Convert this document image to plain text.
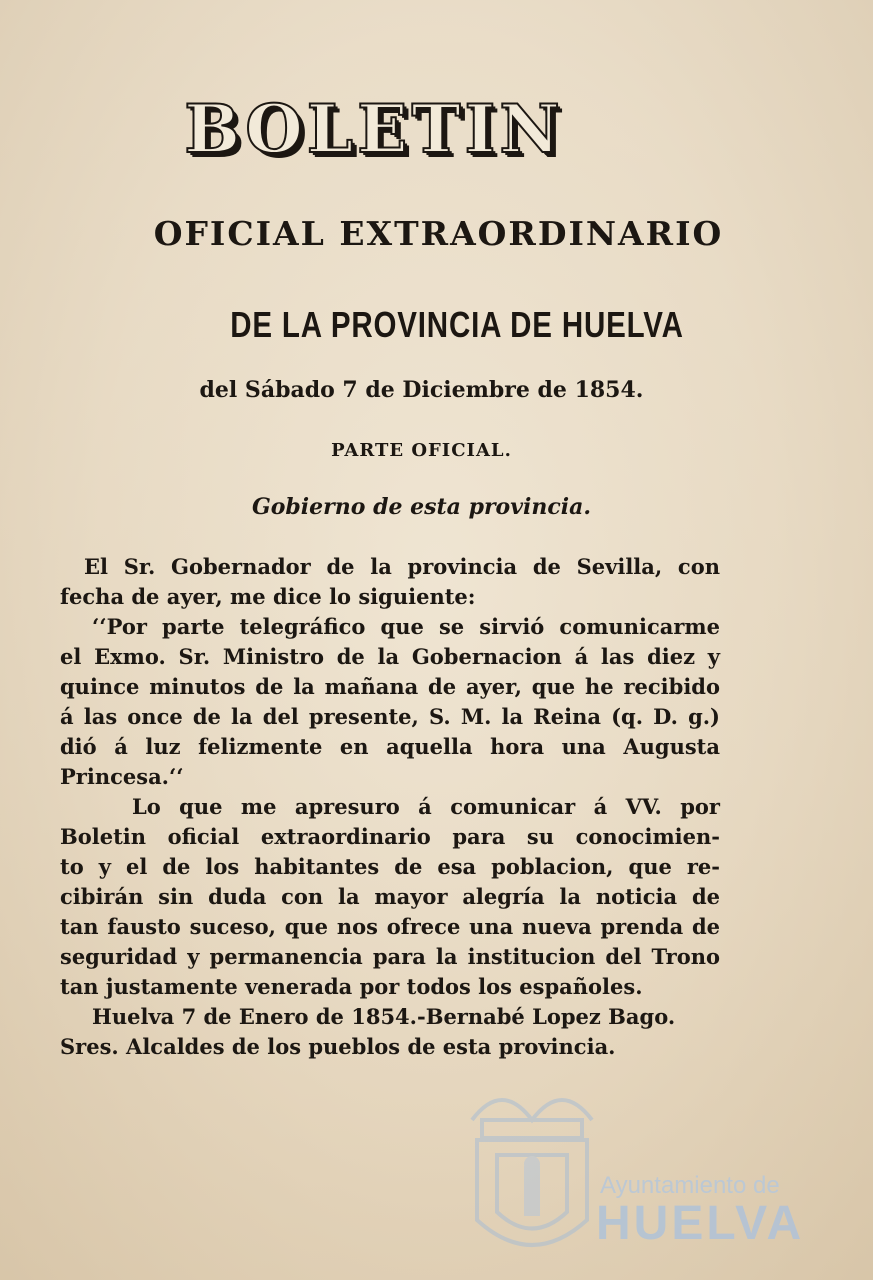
BOLETIN
OFICIAL EXTRAORDINARIO
DE LA PROVINCIA DE HUELVA
del Sábado 7 de Diciembre de 1854.
PARTE OFICIAL.
Gobierno de esta provincia.
El Sr. Gobernador de la provincia de Sevilla, con
fecha de ayer, me dice lo siguiente:
‘‘Por parte telegráfico que se sirvió comunicarme
el Exmo. Sr. Ministro de la Gobernacion á las diez y
quince minutos de la mañana de ayer, que he recibido
á las once de la del presente, S. M. la Reina (q. D. g.)
dió á luz felizmente en aquella hora una Augusta
Princesa.‘‘
Lo que me apresuro á comunicar á VV. por
Boletin oficial extraordinario para su conocimien-
to y el de los habitantes de esa poblacion, que re-
cibirán sin duda con la mayor alegría la noticia de
tan fausto suceso, que nos ofrece una nueva prenda de
seguridad y permanencia para la institucion del Trono
tan justamente venerada por todos los españoles.
Huelva 7 de Enero de 1854.-Bernabé Lopez Bago.
Sres. Alcaldes de los pueblos de esta provincia.
Ayuntamiento de
HUELVA
